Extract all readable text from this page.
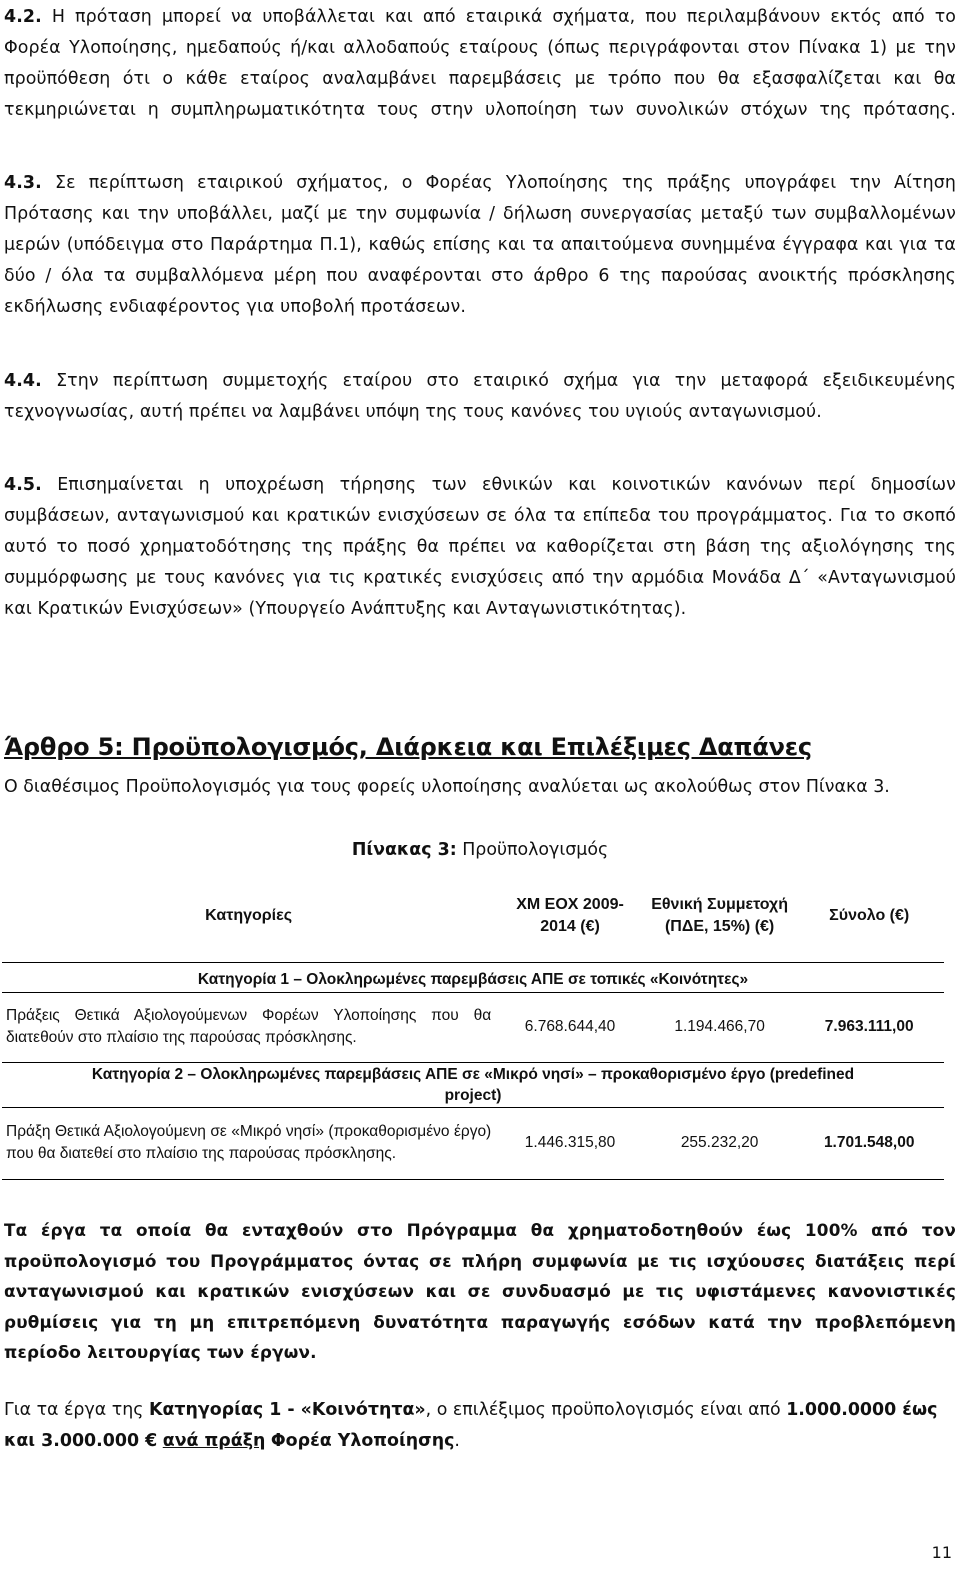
4.2. Η πρόταση μπορεί να υποβάλλεται και από εταιρικά σχήματα, που περιλαμβάνουν εκτός από το Φορέα Υλοποίησης, ημεδαπούς ή/και αλλοδαπούς εταίρους (όπως περιγράφονται στον Πίνακα 1) με την προϋπόθεση ότι ο κάθε εταίρος αναλαμβάνει παρεμβάσεις με τρόπο που θα εξασφαλίζεται και θα τεκμηριώνεται η συμπληρωματικότητα τους στην υλοποίηση των συνολικών στόχων της πρότασης.
4.3. Σε περίπτωση εταιρικού σχήματος, ο Φορέας Υλοποίησης της πράξης υπογράφει την Αίτηση Πρότασης και την υποβάλλει, μαζί με την συμφωνία / δήλωση συνεργασίας μεταξύ των συμβαλλομένων μερών (υπόδειγμα στο Παράρτημα Π.1), καθώς επίσης και τα απαιτούμενα συνημμένα έγγραφα και για τα δύο / όλα τα συμβαλλόμενα μέρη που αναφέρονται στο άρθρο 6 της παρούσας ανοικτής πρόσκλησης εκδήλωσης ενδιαφέροντος για υποβολή προτάσεων.
4.4. Στην περίπτωση συμμετοχής εταίρου στο εταιρικό σχήμα για την μεταφορά εξειδικευμένης τεχνογνωσίας, αυτή πρέπει να λαμβάνει υπόψη της τους κανόνες του υγιούς ανταγωνισμού.
4.5. Επισημαίνεται η υποχρέωση τήρησης των εθνικών και κοινοτικών κανόνων περί δημοσίων συμβάσεων, ανταγωνισμού και κρατικών ενισχύσεων σε όλα τα επίπεδα του προγράμματος. Για το σκοπό αυτό το ποσό χρηματοδότησης της πράξης θα πρέπει να καθορίζεται στη βάση της αξιολόγησης της συμμόρφωσης με τους κανόνες για τις κρατικές ενισχύσεις από την αρμόδια Μονάδα Δ΄ «Ανταγωνισμού και Κρατικών Ενισχύσεων» (Υπουργείο Ανάπτυξης και Ανταγωνιστικότητας).
Άρθρο 5: Προϋπολογισμός, Διάρκεια και Επιλέξιμες Δαπάνες
Ο διαθέσιμος Προϋπολογισμός για τους φορείς υλοποίησης αναλύεται ως ακολούθως στον Πίνακα 3.
Πίνακας 3: Προϋπολογισμός
Κατηγορίες	ΧΜ ΕΟΧ 2009-2014 (€)	Εθνική Συμμετοχή (ΠΔΕ, 15%) (€)	Σύνολο (€)
Κατηγορία 1 – Ολοκληρωμένες παρεμβάσεις ΑΠΕ σε τοπικές «Κοινότητες»			
Πράξεις Θετικά Αξιολογούμενων Φορέων Υλοποίησης που θα διατεθούν στο πλαίσιο της παρούσας πρόσκλησης.	6.768.644,40	1.194.466,70	7.963.111,00
Κατηγορία 2 – Ολοκληρωμένες παρεμβάσεις ΑΠΕ σε «Μικρό νησί» – προκαθορισμένο έργο (predefined project)			
Πράξη Θετικά Αξιολογούμενη σε «Μικρό νησί» (προκαθορισμένο έργο) που θα διατεθεί στο πλαίσιο της παρούσας πρόσκλησης.	1.446.315,80	255.232,20	1.701.548,00
Τα έργα τα οποία θα ενταχθούν στο Πρόγραμμα θα χρηματοδοτηθούν έως 100% από τον προϋπολογισμό του Προγράμματος όντας σε πλήρη συμφωνία με τις ισχύουσες διατάξεις περί ανταγωνισμού και κρατικών ενισχύσεων και σε συνδυασμό με τις υφιστάμενες κανονιστικές ρυθμίσεις για τη μη επιτρεπόμενη δυνατότητα παραγωγής εσόδων κατά την προβλεπόμενη περίοδο λειτουργίας των έργων.
Για τα έργα της Κατηγορίας 1 - «Κοινότητα», ο επιλέξιμος προϋπολογισμός είναι από 1.000.0000 έως και 3.000.000 € ανά πράξη Φορέα Υλοποίησης.
11
